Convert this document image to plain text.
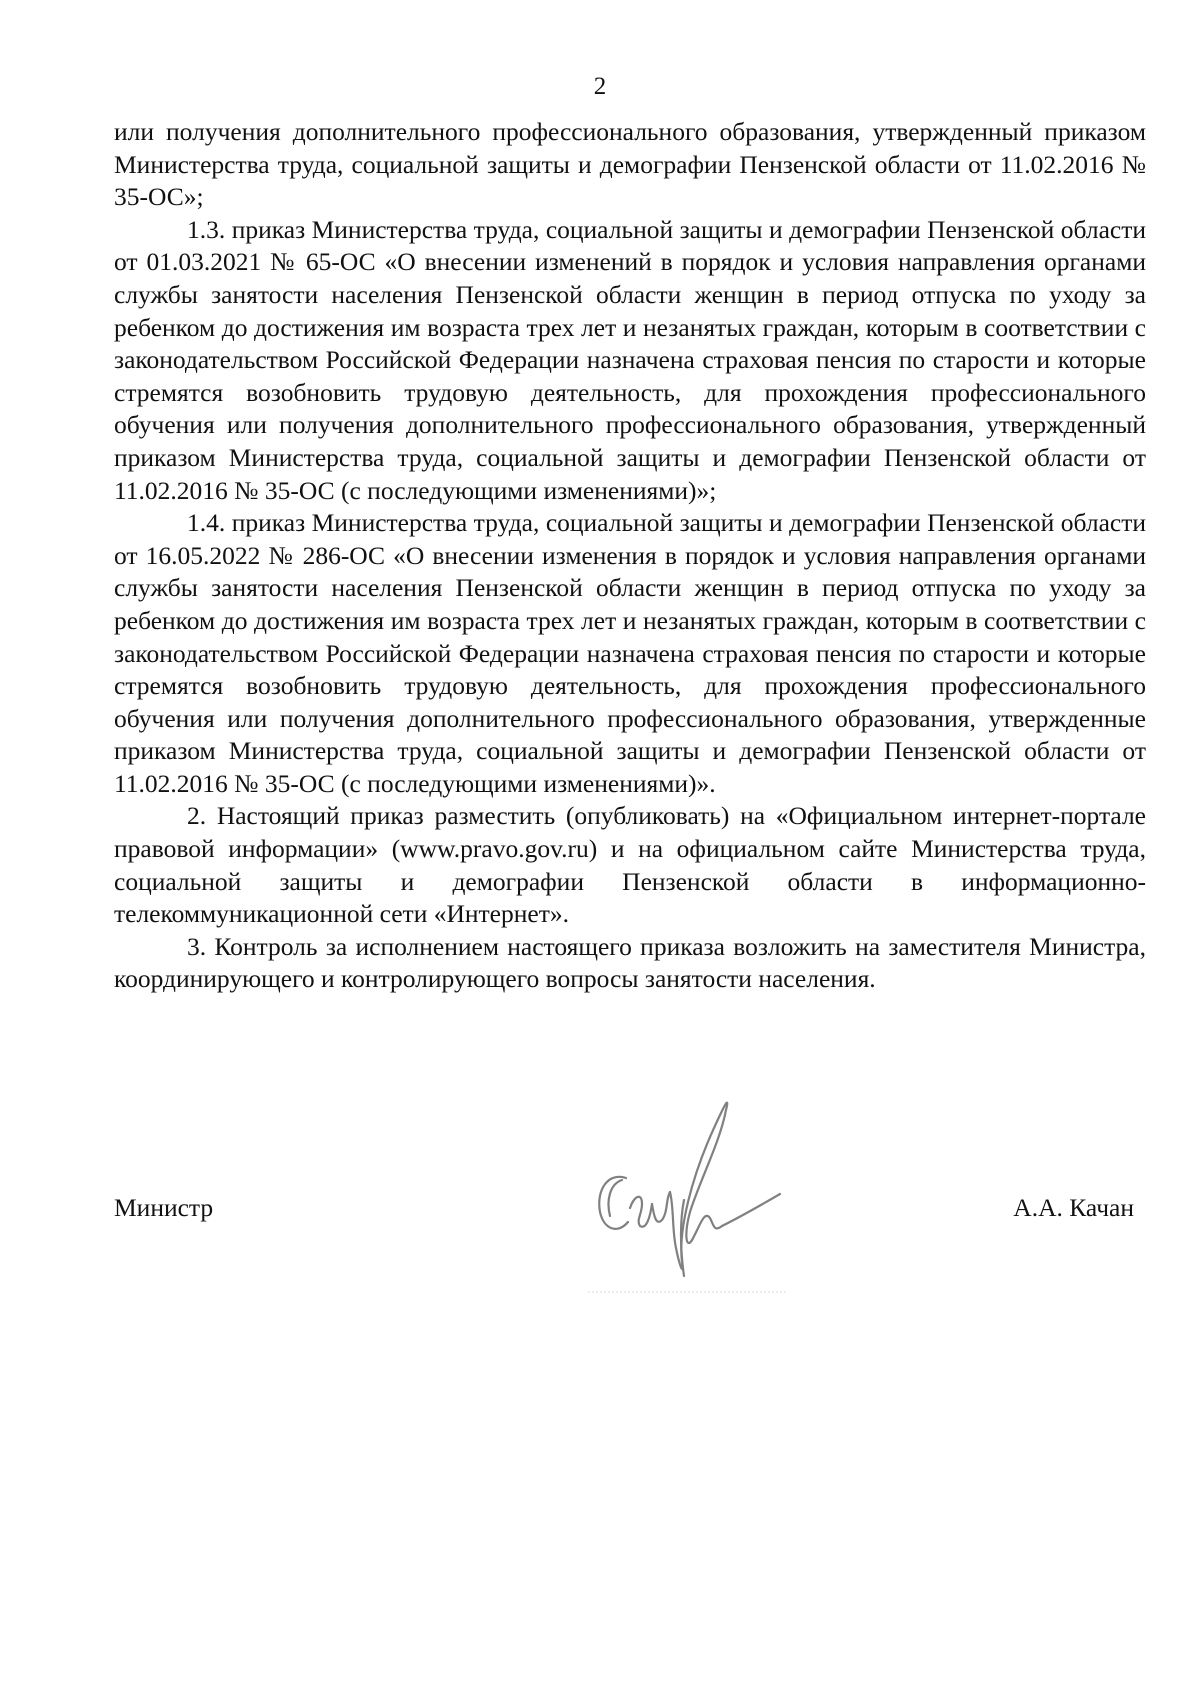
2

или получения дополнительного профессионального образования, утвержденный приказом Министерства труда, социальной защиты и демографии Пензенской области от 11.02.2016 № 35-ОС»;

1.3. приказ Министерства труда, социальной защиты и демографии Пензенской области от 01.03.2021 № 65-ОС «О внесении изменений в порядок и условия направления органами службы занятости населения Пензенской области женщин в период отпуска по уходу за ребенком до достижения им возраста трех лет и незанятых граждан, которым в соответствии с законодательством Российской Федерации назначена страховая пенсия по старости и которые стремятся возобновить трудовую деятельность, для прохождения профессионального обучения или получения дополнительного профессионального образования, утвержденный приказом Министерства труда, социальной защиты и демографии Пензенской области от 11.02.2016 № 35-ОС (с последующими изменениями)»;

1.4. приказ Министерства труда, социальной защиты и демографии Пензенской области от 16.05.2022 № 286-ОС «О внесении изменения в порядок и условия направления органами службы занятости населения Пензенской области женщин в период отпуска по уходу за ребенком до достижения им возраста трех лет и незанятых граждан, которым в соответствии с законодательством Российской Федерации назначена страховая пенсия по старости и которые стремятся возобновить трудовую деятельность, для прохождения профессионального обучения или получения дополнительного профессионального образования, утвержденные приказом Министерства труда, социальной защиты и демографии Пензенской области от 11.02.2016 № 35-ОС (с последующими изменениями)».

2. Настоящий приказ разместить (опубликовать) на «Официальном интернет-портале правовой информации» (www.pravo.gov.ru) и на официальном сайте Министерства труда, социальной защиты и демографии Пензенской области в информационно-телекоммуникационной сети «Интернет».

3. Контроль за исполнением настоящего приказа возложить на заместителя Министра, координирующего и контролирующего вопросы занятости населения.

Министр	А.А. Качан
